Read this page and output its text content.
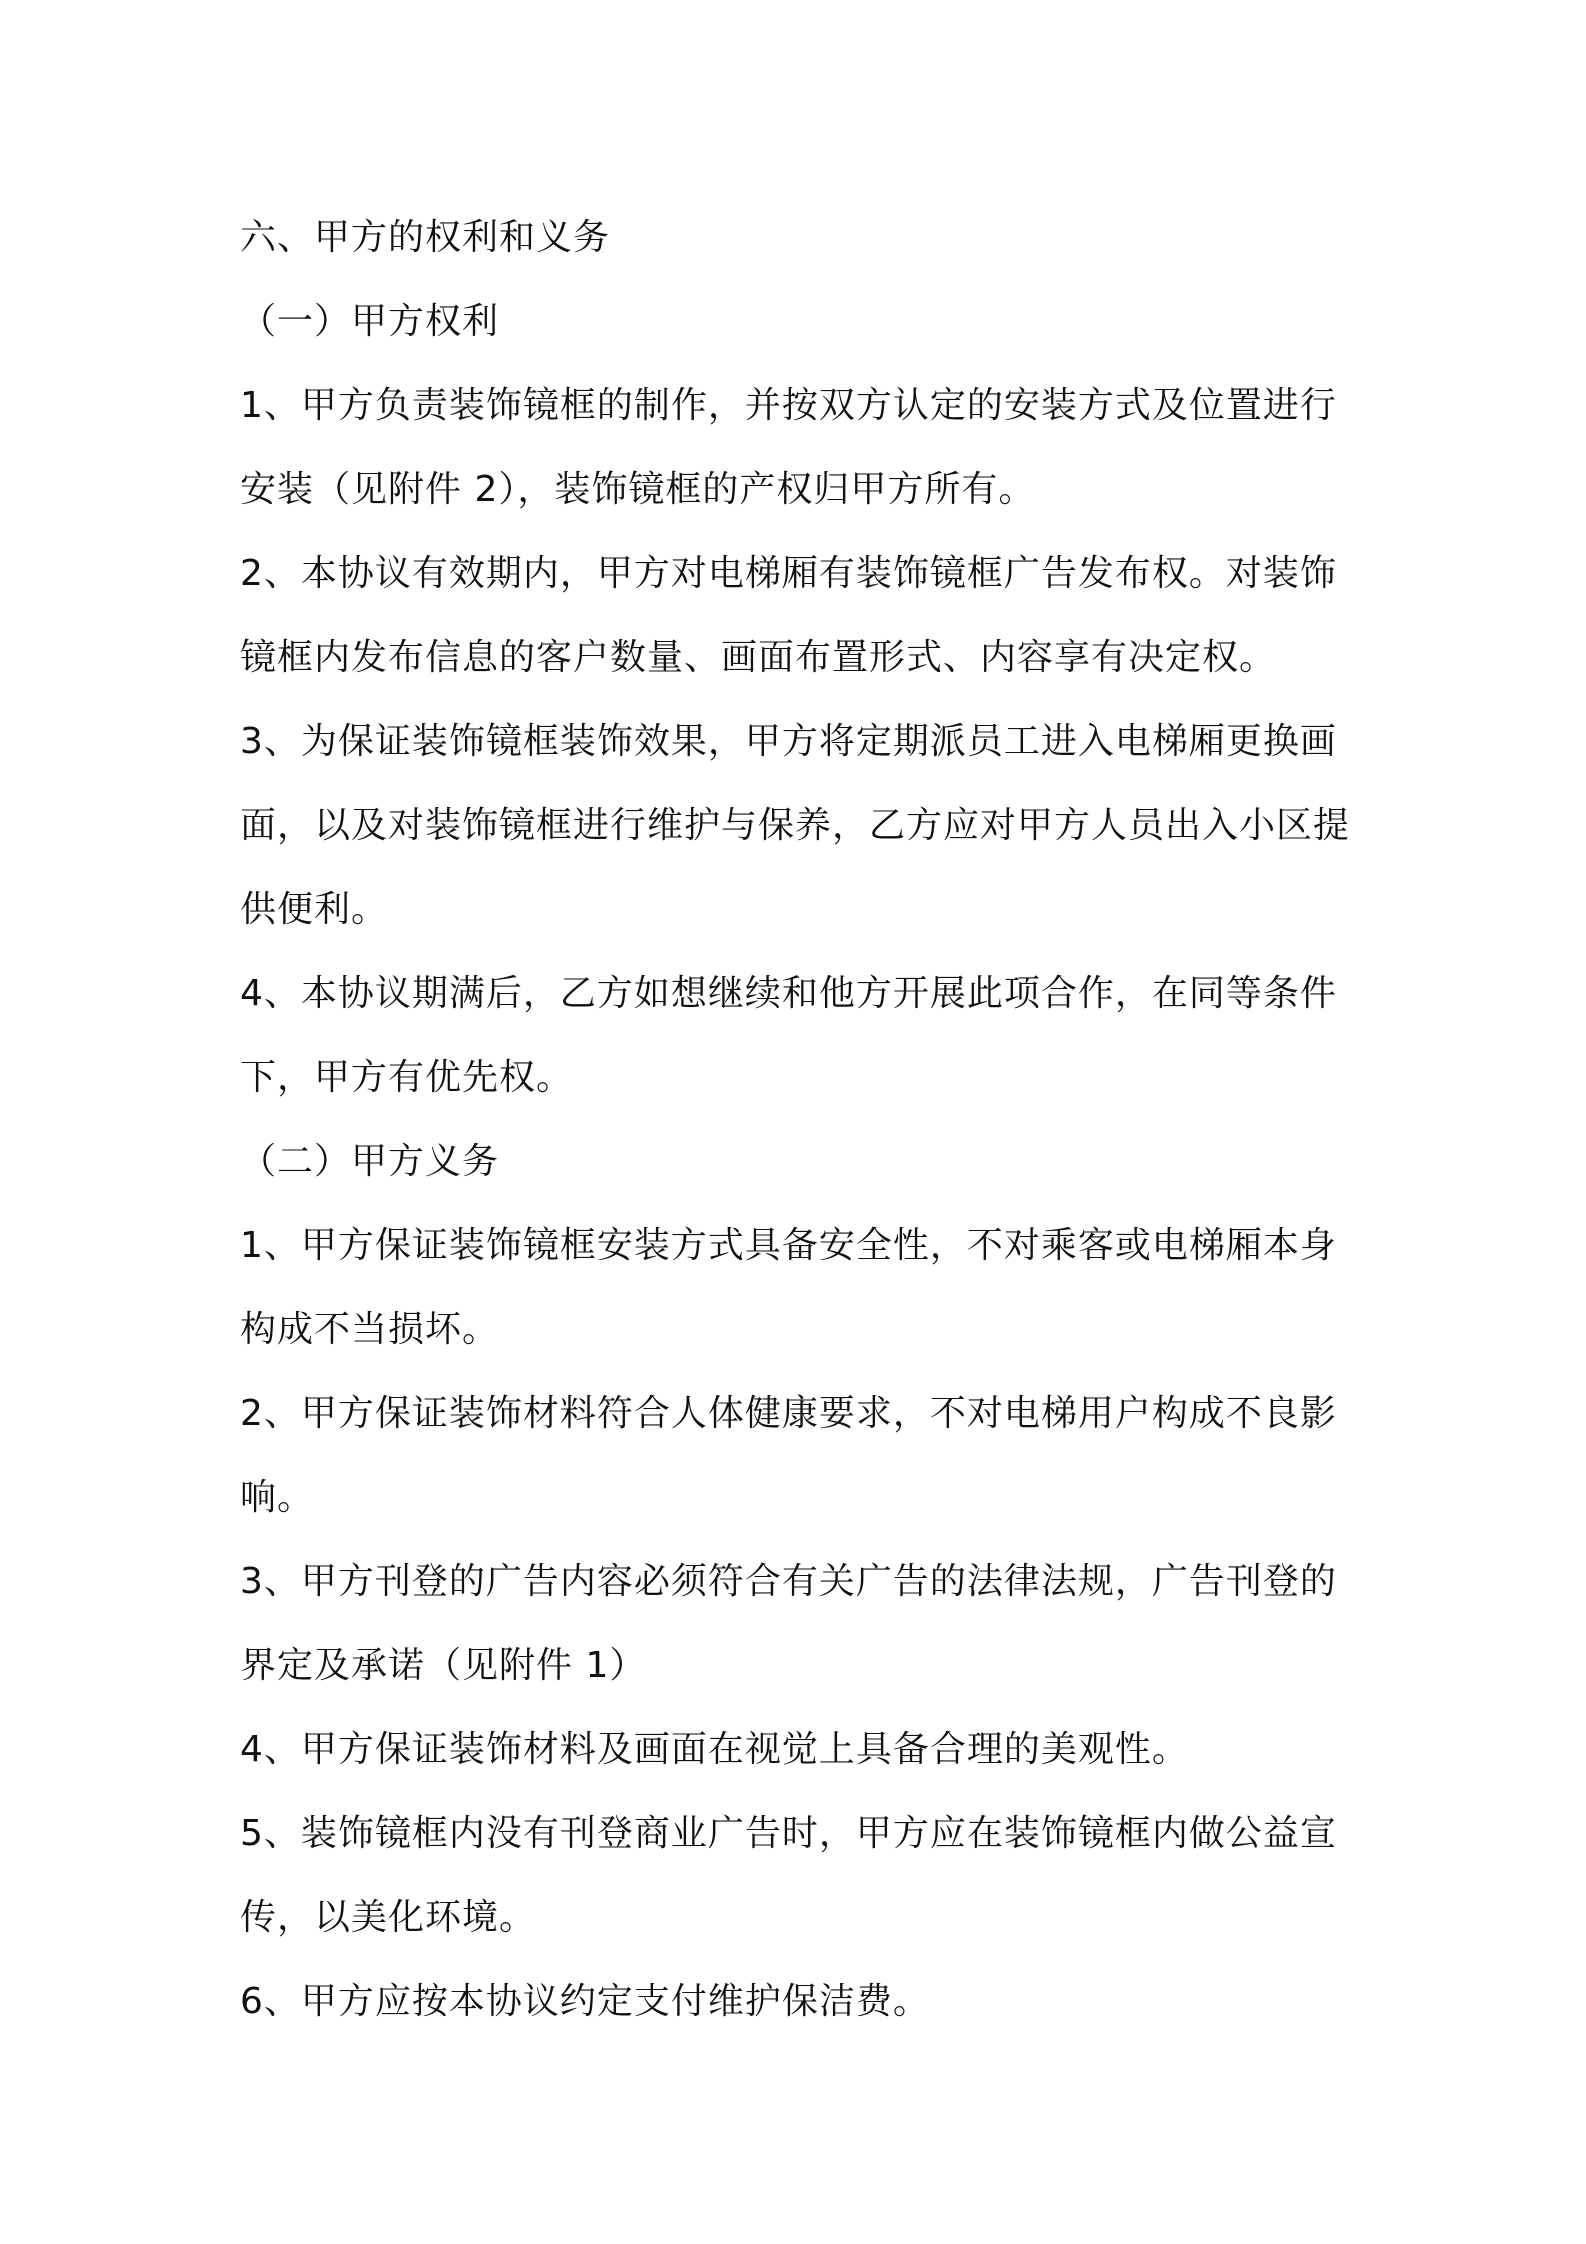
六、甲方的权利和义务
（一）甲方权利
1、甲方负责装饰镜框的制作，并按双方认定的安装方式及位置进行
安装（见附件 2），装饰镜框的产权归甲方所有。
2、本协议有效期内，甲方对电梯厢有装饰镜框广告发布权。对装饰
镜框内发布信息的客户数量、画面布置形式、内容享有决定权。
3、为保证装饰镜框装饰效果，甲方将定期派员工进入电梯厢更换画
面，以及对装饰镜框进行维护与保养，乙方应对甲方人员出入小区提
供便利。
4、本协议期满后，乙方如想继续和他方开展此项合作，在同等条件
下，甲方有优先权。
（二）甲方义务
1、甲方保证装饰镜框安装方式具备安全性，不对乘客或电梯厢本身
构成不当损坏。
2、甲方保证装饰材料符合人体健康要求，不对电梯用户构成不良影
响。
3、甲方刊登的广告内容必须符合有关广告的法律法规，广告刊登的
界定及承诺（见附件 1）
4、甲方保证装饰材料及画面在视觉上具备合理的美观性。
5、装饰镜框内没有刊登商业广告时，甲方应在装饰镜框内做公益宣
传，以美化环境。
6、甲方应按本协议约定支付维护保洁费。
